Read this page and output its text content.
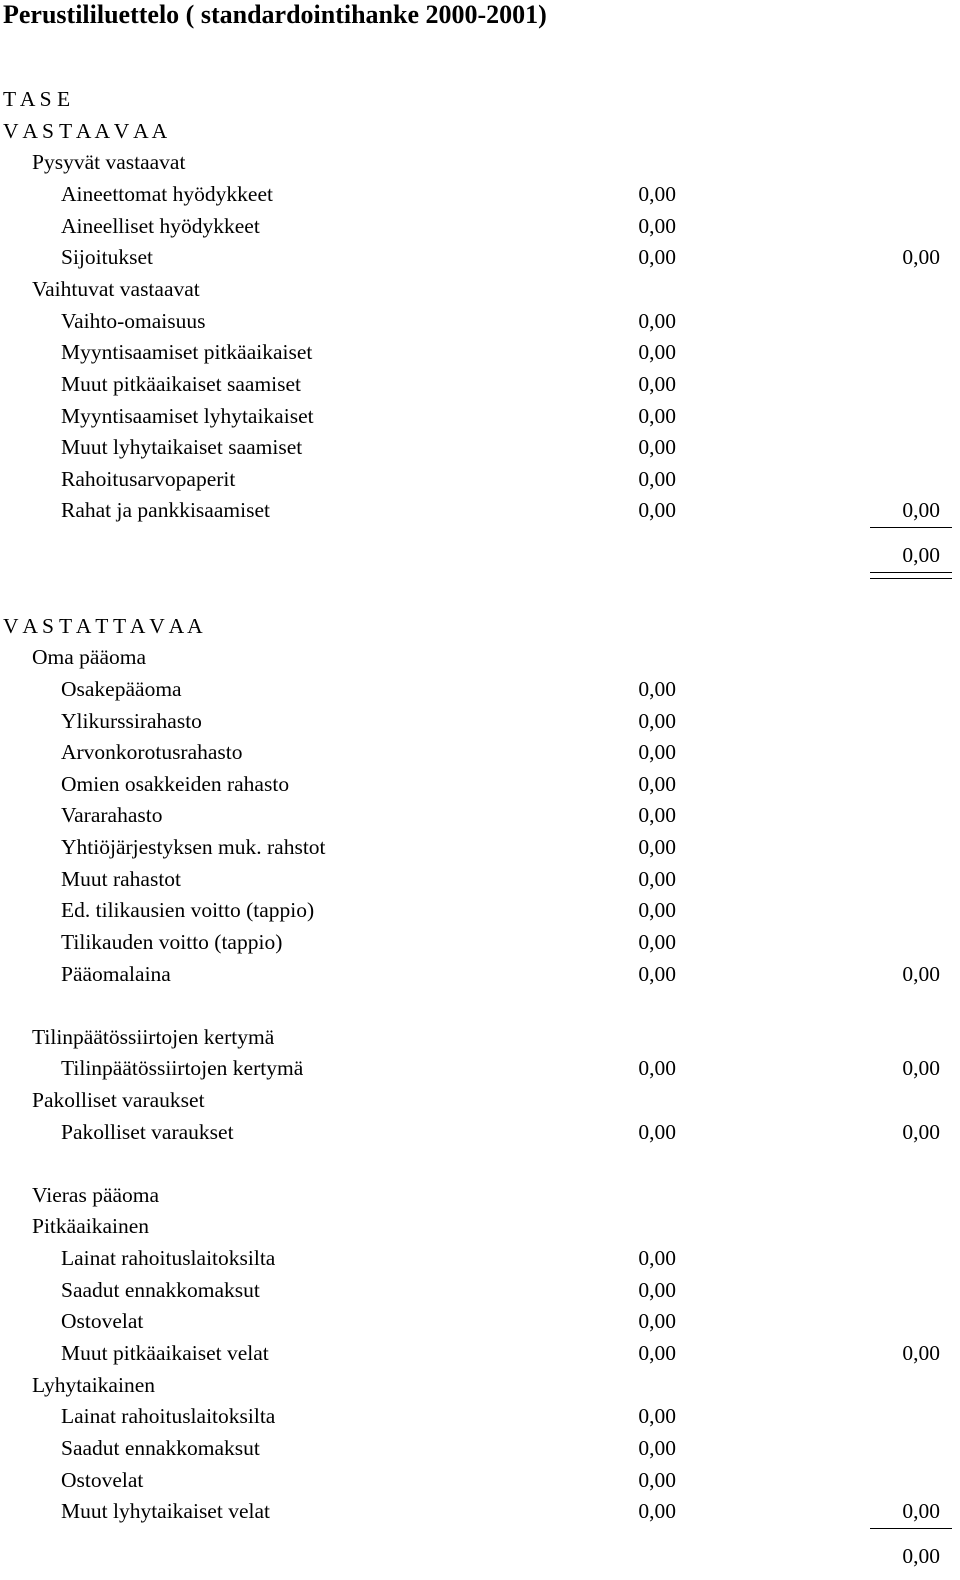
Perustililuettelo ( standardointihanke 2000-2001)
T A S E
V A S T A A V A A
Pysyvät vastaavat
Aineettomat hyödykkeet	0,00
Aineelliset hyödykkeet	0,00
Sijoitukset	0,00	0,00
Vaihtuvat vastaavat
Vaihto-omaisuus	0,00
Myyntisaamiset pitkäaikaiset	0,00
Muut pitkäaikaiset saamiset	0,00
Myyntisaamiset lyhytaikaiset	0,00
Muut lyhytaikaiset saamiset	0,00
Rahoitusarvopaperit	0,00
Rahat ja pankkisaamiset	0,00	0,00
0,00
V A S T A T T A V A A
Oma pääoma
Osakepääoma	0,00
Ylikurssirahasto	0,00
Arvonkorotusrahasto	0,00
Omien osakkeiden rahasto	0,00
Vararahasto	0,00
Yhtiöjärjestyksen muk. rahstot	0,00
Muut rahastot	0,00
Ed. tilikausien voitto (tappio)	0,00
Tilikauden voitto (tappio)	0,00
Pääomalaina	0,00	0,00
Tilinpäätössiirtojen kertymä
Tilinpäätössiirtojen kertymä	0,00	0,00
Pakolliset varaukset
Pakolliset varaukset	0,00	0,00
Vieras pääoma
Pitkäaikainen
Lainat rahoituslaitoksilta	0,00
Saadut ennakkomaksut	0,00
Ostovelat	0,00
Muut pitkäaikaiset velat	0,00	0,00
Lyhytaikainen
Lainat rahoituslaitoksilta	0,00
Saadut ennakkomaksut	0,00
Ostovelat	0,00
Muut lyhytaikaiset velat	0,00	0,00
0,00
